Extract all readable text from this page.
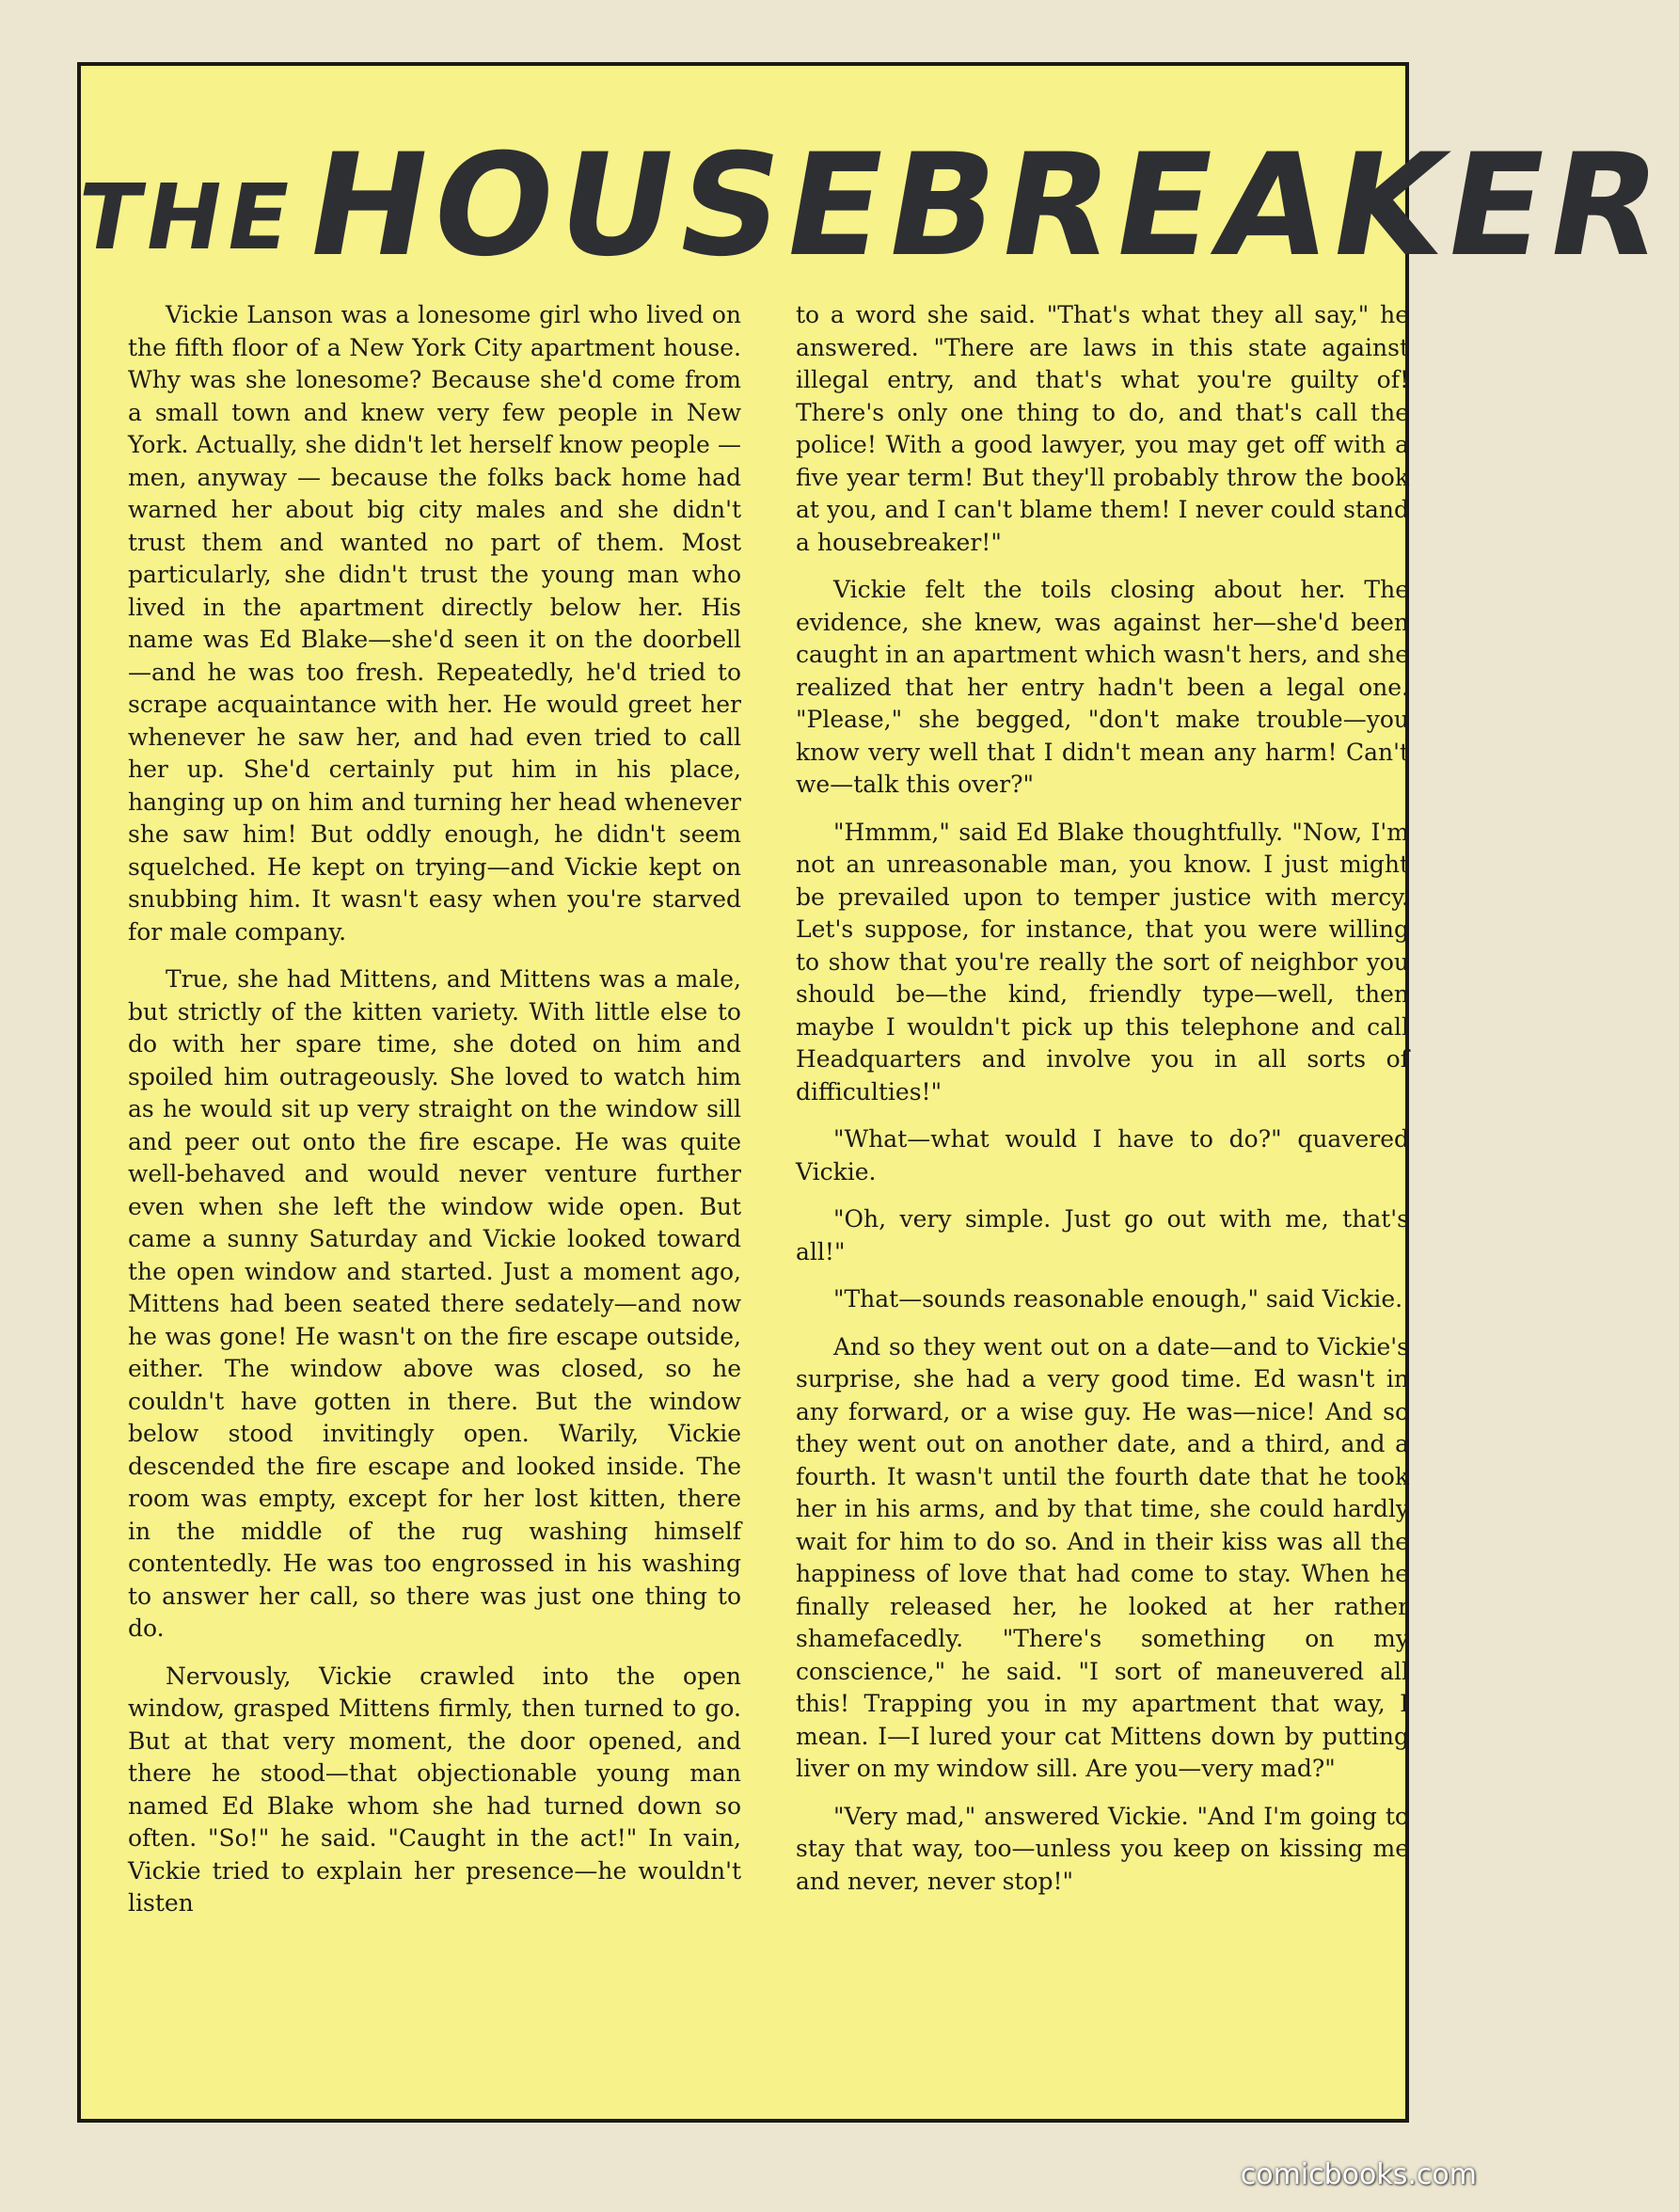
THEHOUSEBREAKER

Vickie Lanson was a lonesome girl who lived on the fifth floor of a New York City apartment house. Why was she lonesome? Because she'd come from a small town and knew very few people in New York. Actually, she didn't let herself know people — men, anyway — because the folks back home had warned her about big city males and she didn't trust them and wanted no part of them. Most particularly, she didn't trust the young man who lived in the apartment directly below her. His name was Ed Blake—she'd seen it on the doorbell—and he was too fresh. Repeatedly, he'd tried to scrape acquaintance with her. He would greet her whenever he saw her, and had even tried to call her up. She'd certainly put him in his place, hanging up on him and turning her head whenever she saw him! But oddly enough, he didn't seem squelched. He kept on trying—and Vickie kept on snubbing him. It wasn't easy when you're starved for male company.

True, she had Mittens, and Mittens was a male, but strictly of the kitten variety. With little else to do with her spare time, she doted on him and spoiled him outrageously. She loved to watch him as he would sit up very straight on the window sill and peer out onto the fire escape. He was quite well-behaved and would never venture further even when she left the window wide open. But came a sunny Saturday and Vickie looked toward the open window and started. Just a moment ago, Mittens had been seated there sedately—and now he was gone! He wasn't on the fire escape outside, either. The window above was closed, so he couldn't have gotten in there. But the window below stood invitingly open. Warily, Vickie descended the fire escape and looked inside. The room was empty, except for her lost kitten, there in the middle of the rug washing himself contentedly. He was too engrossed in his washing to answer her call, so there was just one thing to do.

Nervously, Vickie crawled into the open window, grasped Mittens firmly, then turned to go. But at that very moment, the door opened, and there he stood—that objectionable young man named Ed Blake whom she had turned down so often. "So!" he said. "Caught in the act!" In vain, Vickie tried to explain her presence—he wouldn't listen

to a word she said. "That's what they all say," he answered. "There are laws in this state against illegal entry, and that's what you're guilty of! There's only one thing to do, and that's call the police! With a good lawyer, you may get off with a five year term! But they'll probably throw the book at you, and I can't blame them! I never could stand a housebreaker!"

Vickie felt the toils closing about her. The evidence, she knew, was against her—she'd been caught in an apartment which wasn't hers, and she realized that her entry hadn't been a legal one. "Please," she begged, "don't make trouble—you know very well that I didn't mean any harm! Can't we—talk this over?"

"Hmmm," said Ed Blake thoughtfully. "Now, I'm not an unreasonable man, you know. I just might be prevailed upon to temper justice with mercy. Let's suppose, for instance, that you were willing to show that you're really the sort of neighbor you should be—the kind, friendly type—well, then maybe I wouldn't pick up this telephone and call Headquarters and involve you in all sorts of difficulties!"

"What—what would I have to do?" quavered Vickie.

"Oh, very simple. Just go out with me, that's all!"

"That—sounds reasonable enough," said Vickie.

And so they went out on a date—and to Vickie's surprise, she had a very good time. Ed wasn't in any forward, or a wise guy. He was—nice! And so they went out on another date, and a third, and a fourth. It wasn't until the fourth date that he took her in his arms, and by that time, she could hardly wait for him to do so. And in their kiss was all the happiness of love that had come to stay. When he finally released her, he looked at her rather shamefacedly. "There's something on my conscience," he said. "I sort of maneuvered all this! Trapping you in my apartment that way, I mean. I—I lured your cat Mittens down by putting liver on my window sill. Are you—very mad?"

"Very mad," answered Vickie. "And I'm going to stay that way, too—unless you keep on kissing me and never, never stop!"

comicbooks.com
